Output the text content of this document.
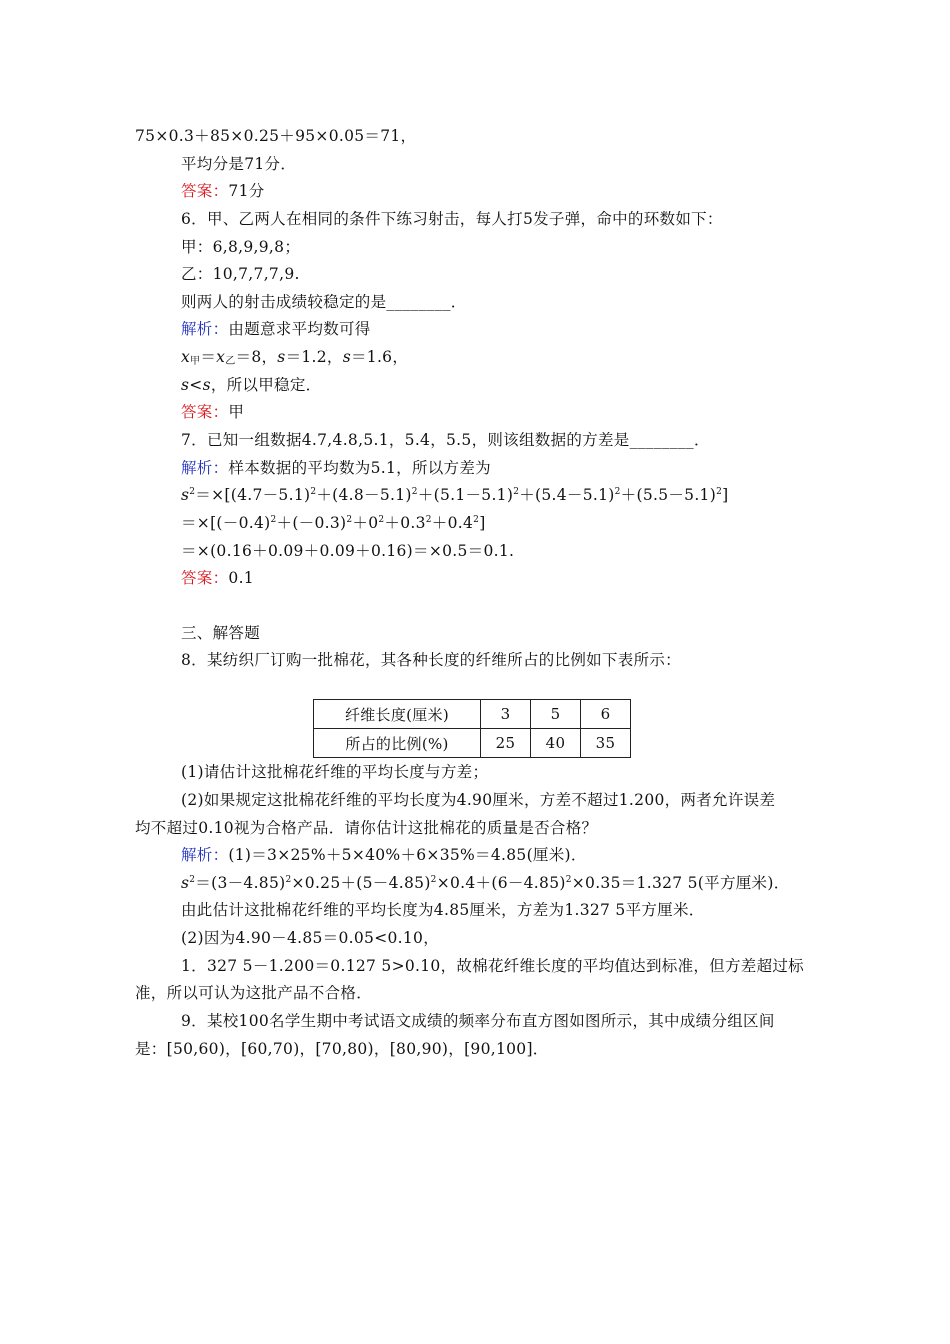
75×0.3＋85×0.25＋95×0.05＝71，
平均分是71分．
答案：71分
6．甲、乙两人在相同的条件下练习射击，每人打5发子弹，命中的环数如下：
甲：6,8,9,9,8；
乙：10,7,7,7,9.
则两人的射击成绩较稳定的是________．
解析：由题意求平均数可得
$x_甲=x_乙=8$，s＝1.2，s＝1.6，
s<s，所以甲稳定．
答案：甲
7．已知一组数据4.7,4.8,5.1，5.4，5.5，则该组数据的方差是________．
解析：样本数据的平均数为5.1，所以方差为
$s^2=\times[(4.7-5.1)^2+(4.8-5.1)^2+(5.1-5.1)^2+(5.4-5.1)^2+(5.5-5.1)^2]$
$=\times[(-0.4)^2+(-0.3)^2+0^2+0.3^2+0.4^2]$
＝×(0.16＋0.09＋0.09＋0.16)＝×0.5＝0.1.
答案：0.1
三、解答题
8．某纺织厂订购一批棉花，其各种长度的纤维所占的比例如下表所示：
纤维长度(厘米)	3	5	6
所占的比例(%)	25	40	35
(1)请估计这批棉花纤维的平均长度与方差；
(2)如果规定这批棉花纤维的平均长度为4.90厘米，方差不超过1.200，两者允许误差
均不超过0.10视为合格产品．请你估计这批棉花的质量是否合格？
解析：(1)＝3×25%＋5×40%＋6×35%＝4.85(厘米)．
$s^2=(3-4.85)^2\times 0.25+(5-4.85)^2\times 0.4+(6-4.85)^2\times 0.35=1.327$ 5(平方厘米)．
由此估计这批棉花纤维的平均长度为4.85厘米，方差为1.327 5平方厘米．
(2)因为4.90－4.85＝0.05<0.10，
1．327 5－1.200＝0.127 5>0.10，故棉花纤维长度的平均值达到标准，但方差超过标
准，所以可认为这批产品不合格．
9．某校100名学生期中考试语文成绩的频率分布直方图如图所示，其中成绩分组区间
是：[50,60)，[60,70)，[70,80)，[80,90)，[90,100]．
